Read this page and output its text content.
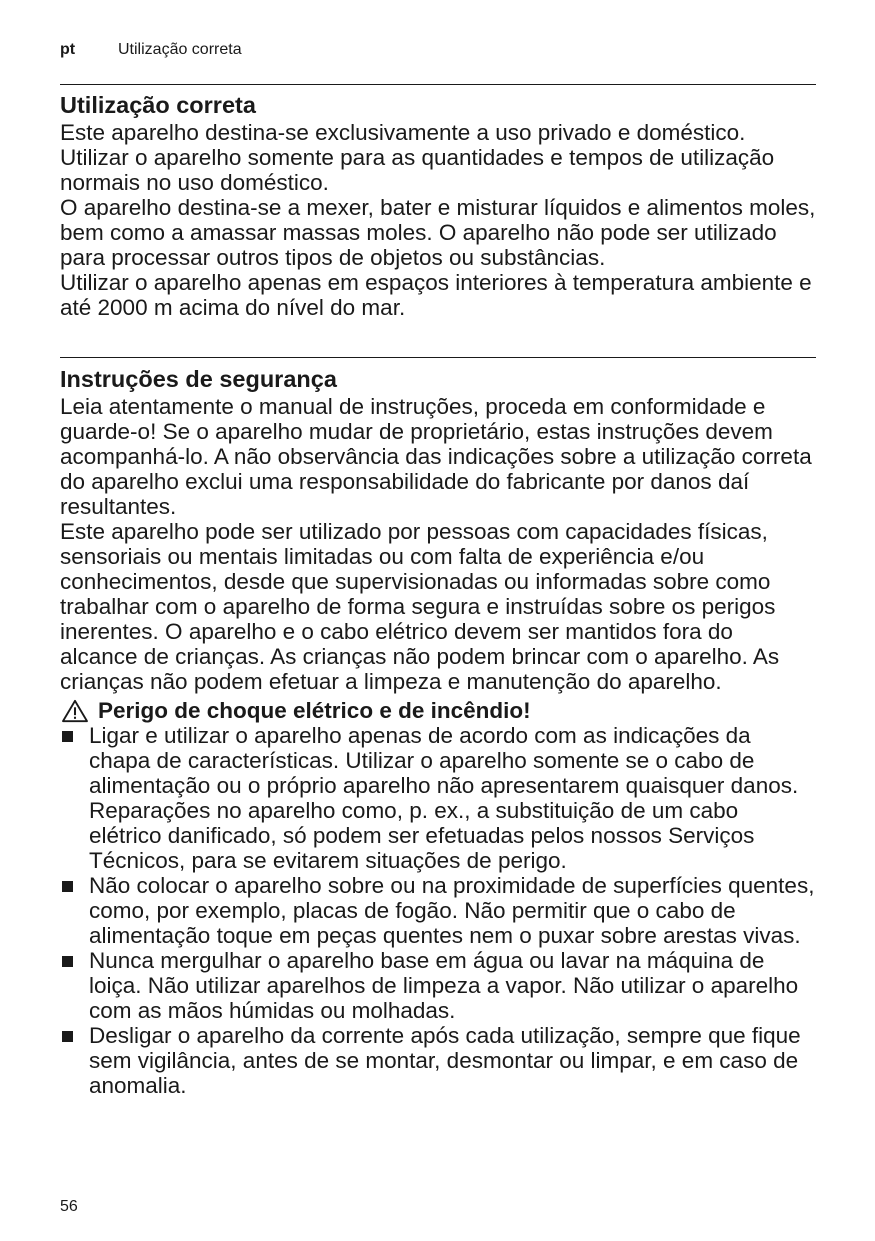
pt	Utilização correta
Utilização correta

Este aparelho destina-se exclusivamente a uso privado e doméstico. Utilizar o aparelho somente para as quantidades e tempos de utilização normais no uso doméstico.

O aparelho destina-se a mexer, bater e misturar líquidos e alimentos moles, bem como a amassar massas moles. O aparelho não pode ser utilizado para processar outros tipos de objetos ou substâncias.

Utilizar o aparelho apenas em espaços interiores à temperatura ambiente e até 2000 m acima do nível do mar.

Instruções de segurança

Leia atentamente o manual de instruções, proceda em conformidade e guarde-o! Se o aparelho mudar de proprietário, estas instruções devem acompanhá-lo. A não observância das indicações sobre a utilização correta do aparelho exclui uma responsabilidade do fabricante por danos daí resultantes.

Este aparelho pode ser utilizado por pessoas com capacidades físicas, sensoriais ou mentais limitadas ou com falta de experiência e/ou conhecimentos, desde que supervisionadas ou informadas sobre como trabalhar com o aparelho de forma segura e instruídas sobre os perigos inerentes. O aparelho e o cabo elétrico devem ser mantidos fora do alcance de crianças. As crianças não podem brincar com o aparelho. As crianças não podem efetuar a limpeza e manutenção do aparelho.

Perigo de choque elétrico e de incêndio!
Ligar e utilizar o aparelho apenas de acordo com as indicações da chapa de características. Utilizar o aparelho somente se o cabo de alimentação ou o próprio aparelho não apresentarem quaisquer danos. Reparações no aparelho como, p. ex., a substituição de um cabo elétrico danificado, só podem ser efetuadas pelos nossos Serviços Técnicos, para se evitarem situações de perigo.
Não colocar o aparelho sobre ou na proximidade de superfícies quentes, como, por exemplo, placas de fogão. Não permitir que o cabo de alimentação toque em peças quentes nem o puxar sobre arestas vivas.
Nunca mergulhar o aparelho base em água ou lavar na máquina de loiça. Não utilizar aparelhos de limpeza a vapor. Não utilizar o aparelho com as mãos húmidas ou molhadas.
Desligar o aparelho da corrente após cada utilização, sempre que fique sem vigilância, antes de se montar, desmontar ou limpar, e em caso de anomalia.
56
